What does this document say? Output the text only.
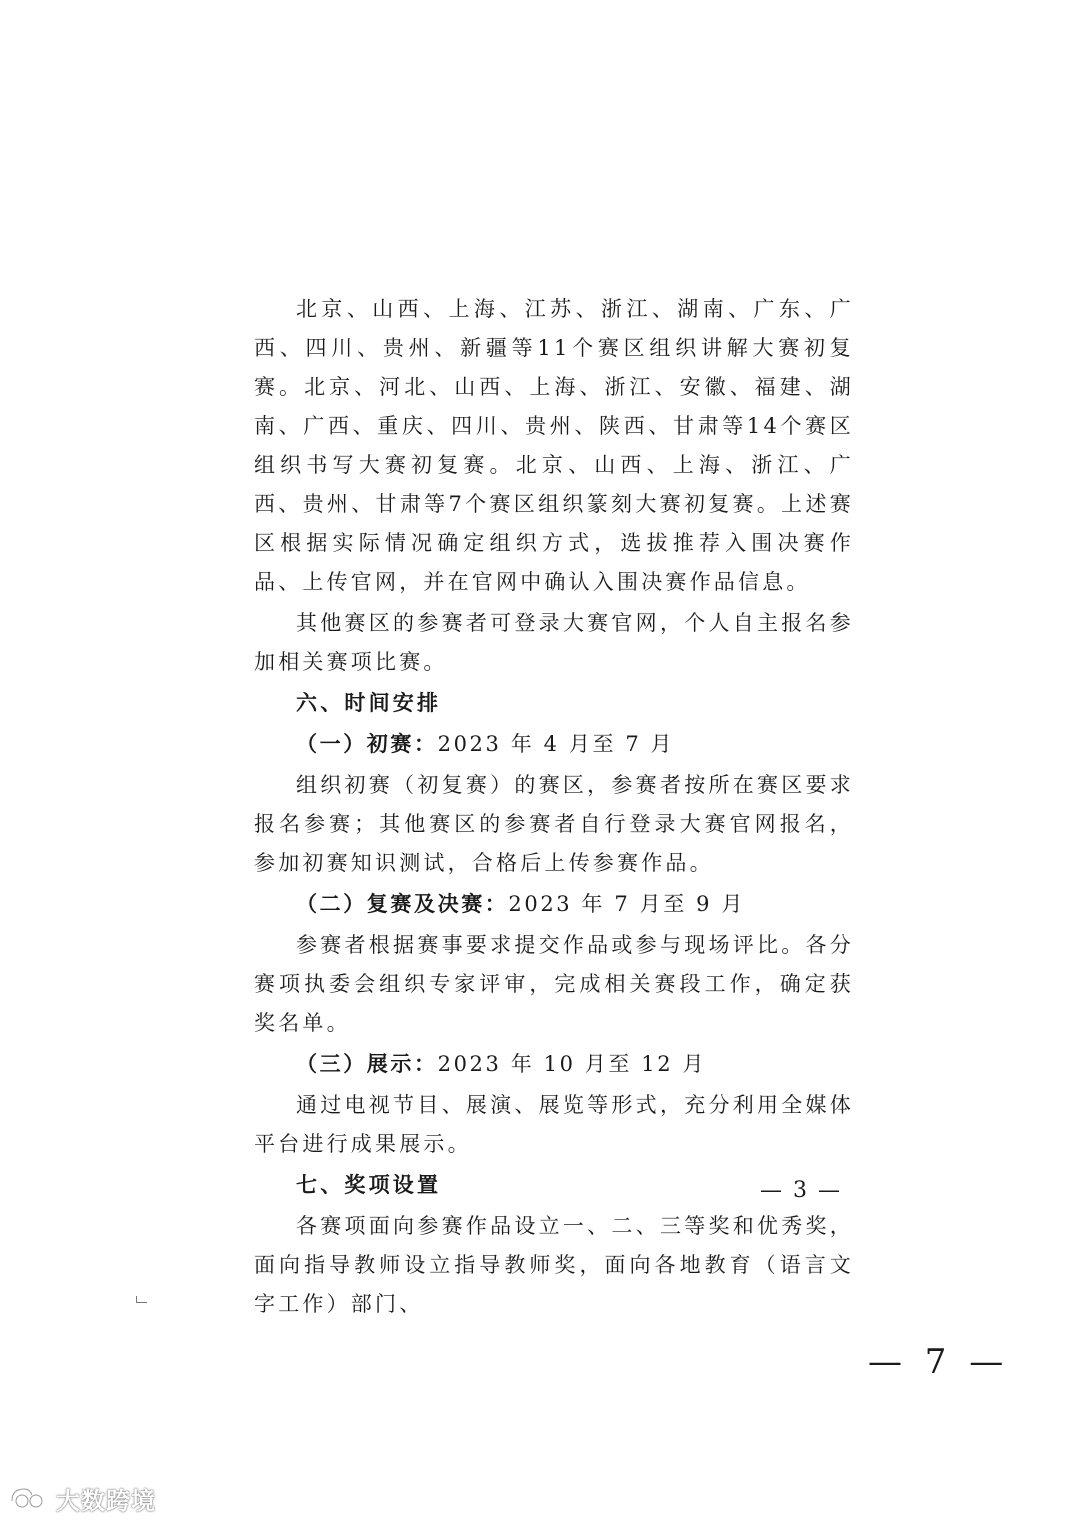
北京、山西、上海、江苏、浙江、湖南、广东、广西、四川、贵州、新疆等11个赛区组织讲解大赛初复赛。北京、河北、山西、上海、浙江、安徽、福建、湖南、广西、重庆、四川、贵州、陕西、甘肃等14个赛区组织书写大赛初复赛。北京、山西、上海、浙江、广西、贵州、甘肃等7个赛区组织篆刻大赛初复赛。上述赛区根据实际情况确定组织方式，选拔推荐入围决赛作品、上传官网，并在官网中确认入围决赛作品信息。

其他赛区的参赛者可登录大赛官网，个人自主报名参加相关赛项比赛。

六、时间安排

（一）初赛：2023 年 4 月至 7 月

组织初赛（初复赛）的赛区，参赛者按所在赛区要求报名参赛；其他赛区的参赛者自行登录大赛官网报名，参加初赛知识测试，合格后上传参赛作品。

（二）复赛及决赛：2023 年 7 月至 9 月

参赛者根据赛事要求提交作品或参与现场评比。各分赛项执委会组织专家评审，完成相关赛段工作，确定获奖名单。

（三）展示：2023 年 10 月至 12 月

通过电视节目、展演、展览等形式，充分利用全媒体平台进行成果展示。

七、奖项设置

各赛项面向参赛作品设立一、二、三等奖和优秀奖，面向指导教师设立指导教师奖，面向各地教育（语言文字工作）部门、

— 3 —
— 7 —
大数跨境
